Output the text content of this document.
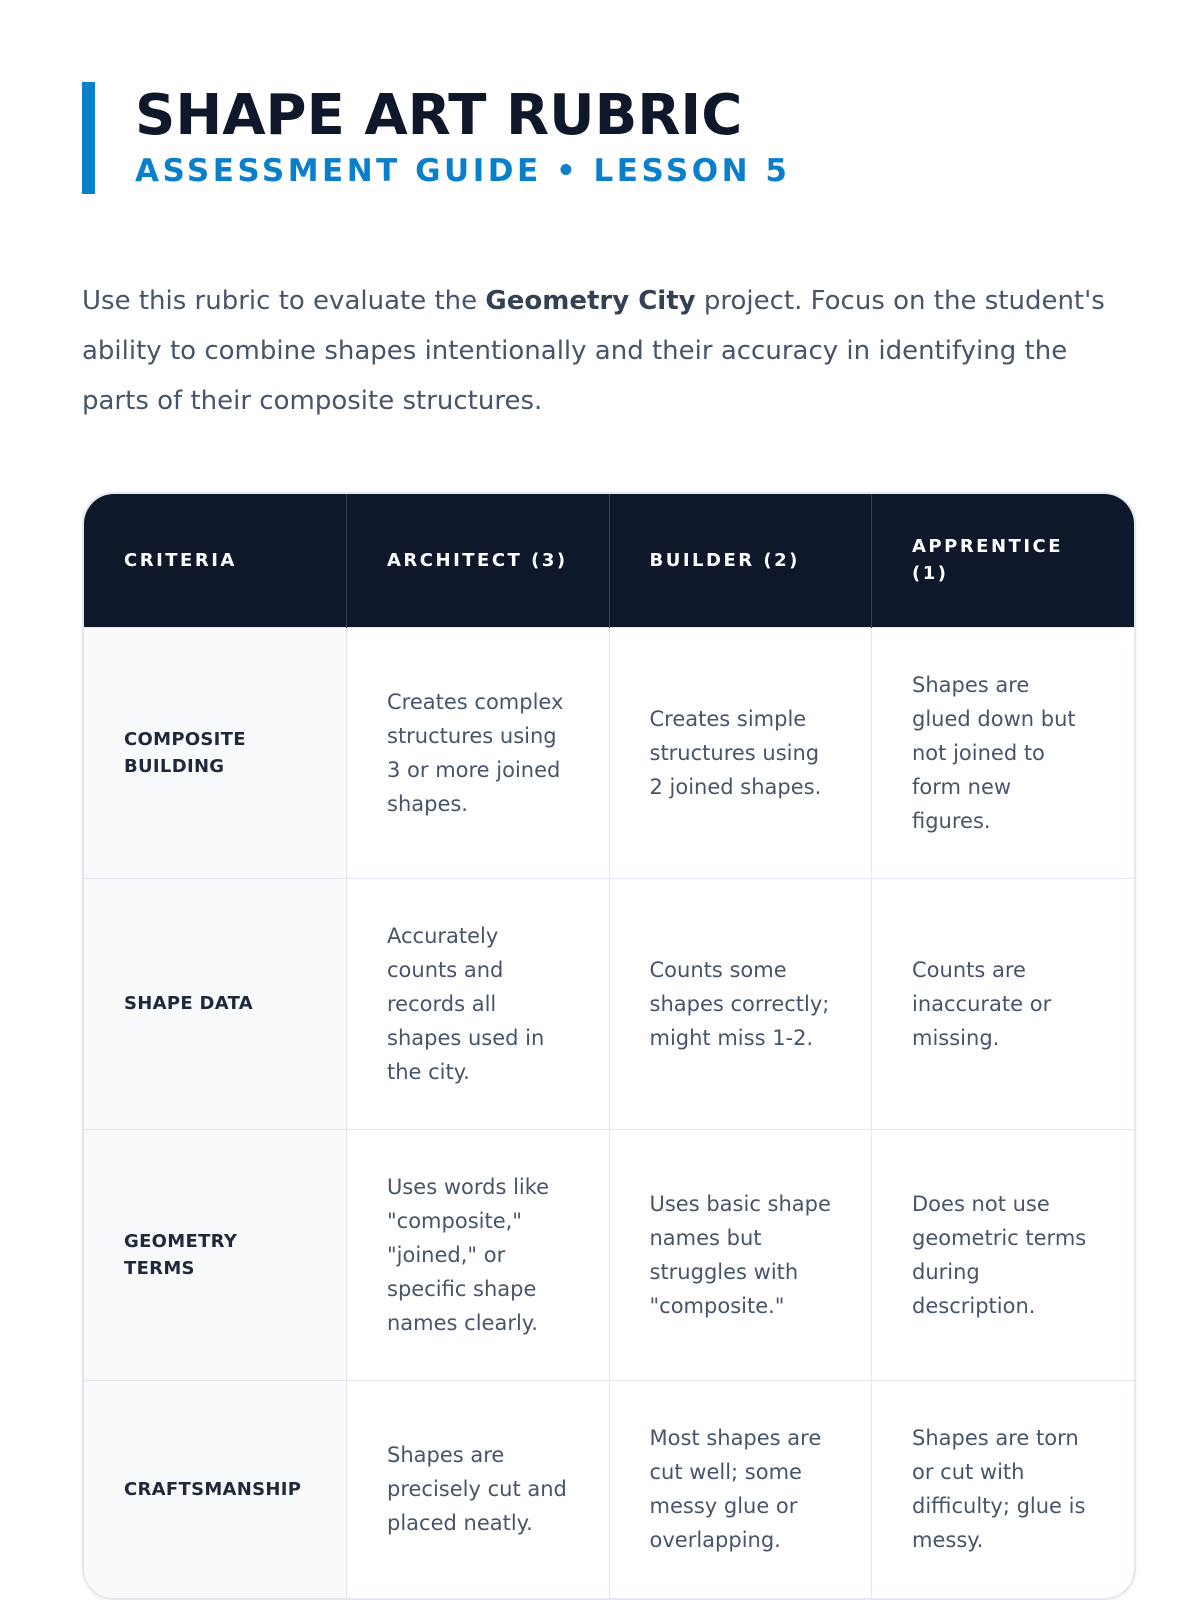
SHAPE ART RUBRIC
ASSESSMENT GUIDE • LESSON 5

Use this rubric to evaluate the Geometry City project. Focus on the student's ability to combine shapes intentionally and their accuracy in identifying the parts of their composite structures.

CRITERIA	ARCHITECT (3)	BUILDER (2)	APPRENTICE (1)
COMPOSITE BUILDING	Creates complex structures using 3 or more joined shapes.	Creates simple structures using 2 joined shapes.	Shapes are glued down but not joined to form new figures.
SHAPE DATA	Accurately counts and records all shapes used in the city.	Counts some shapes correctly; might miss 1-2.	Counts are inaccurate or missing.
GEOMETRY TERMS	Uses words like "composite," "joined," or specific shape names clearly.	Uses basic shape names but struggles with "composite."	Does not use geometric terms during description.
CRAFTSMANSHIP	Shapes are precisely cut and placed neatly.	Most shapes are cut well; some messy glue or overlapping.	Shapes are torn or cut with difficulty; glue is messy.
